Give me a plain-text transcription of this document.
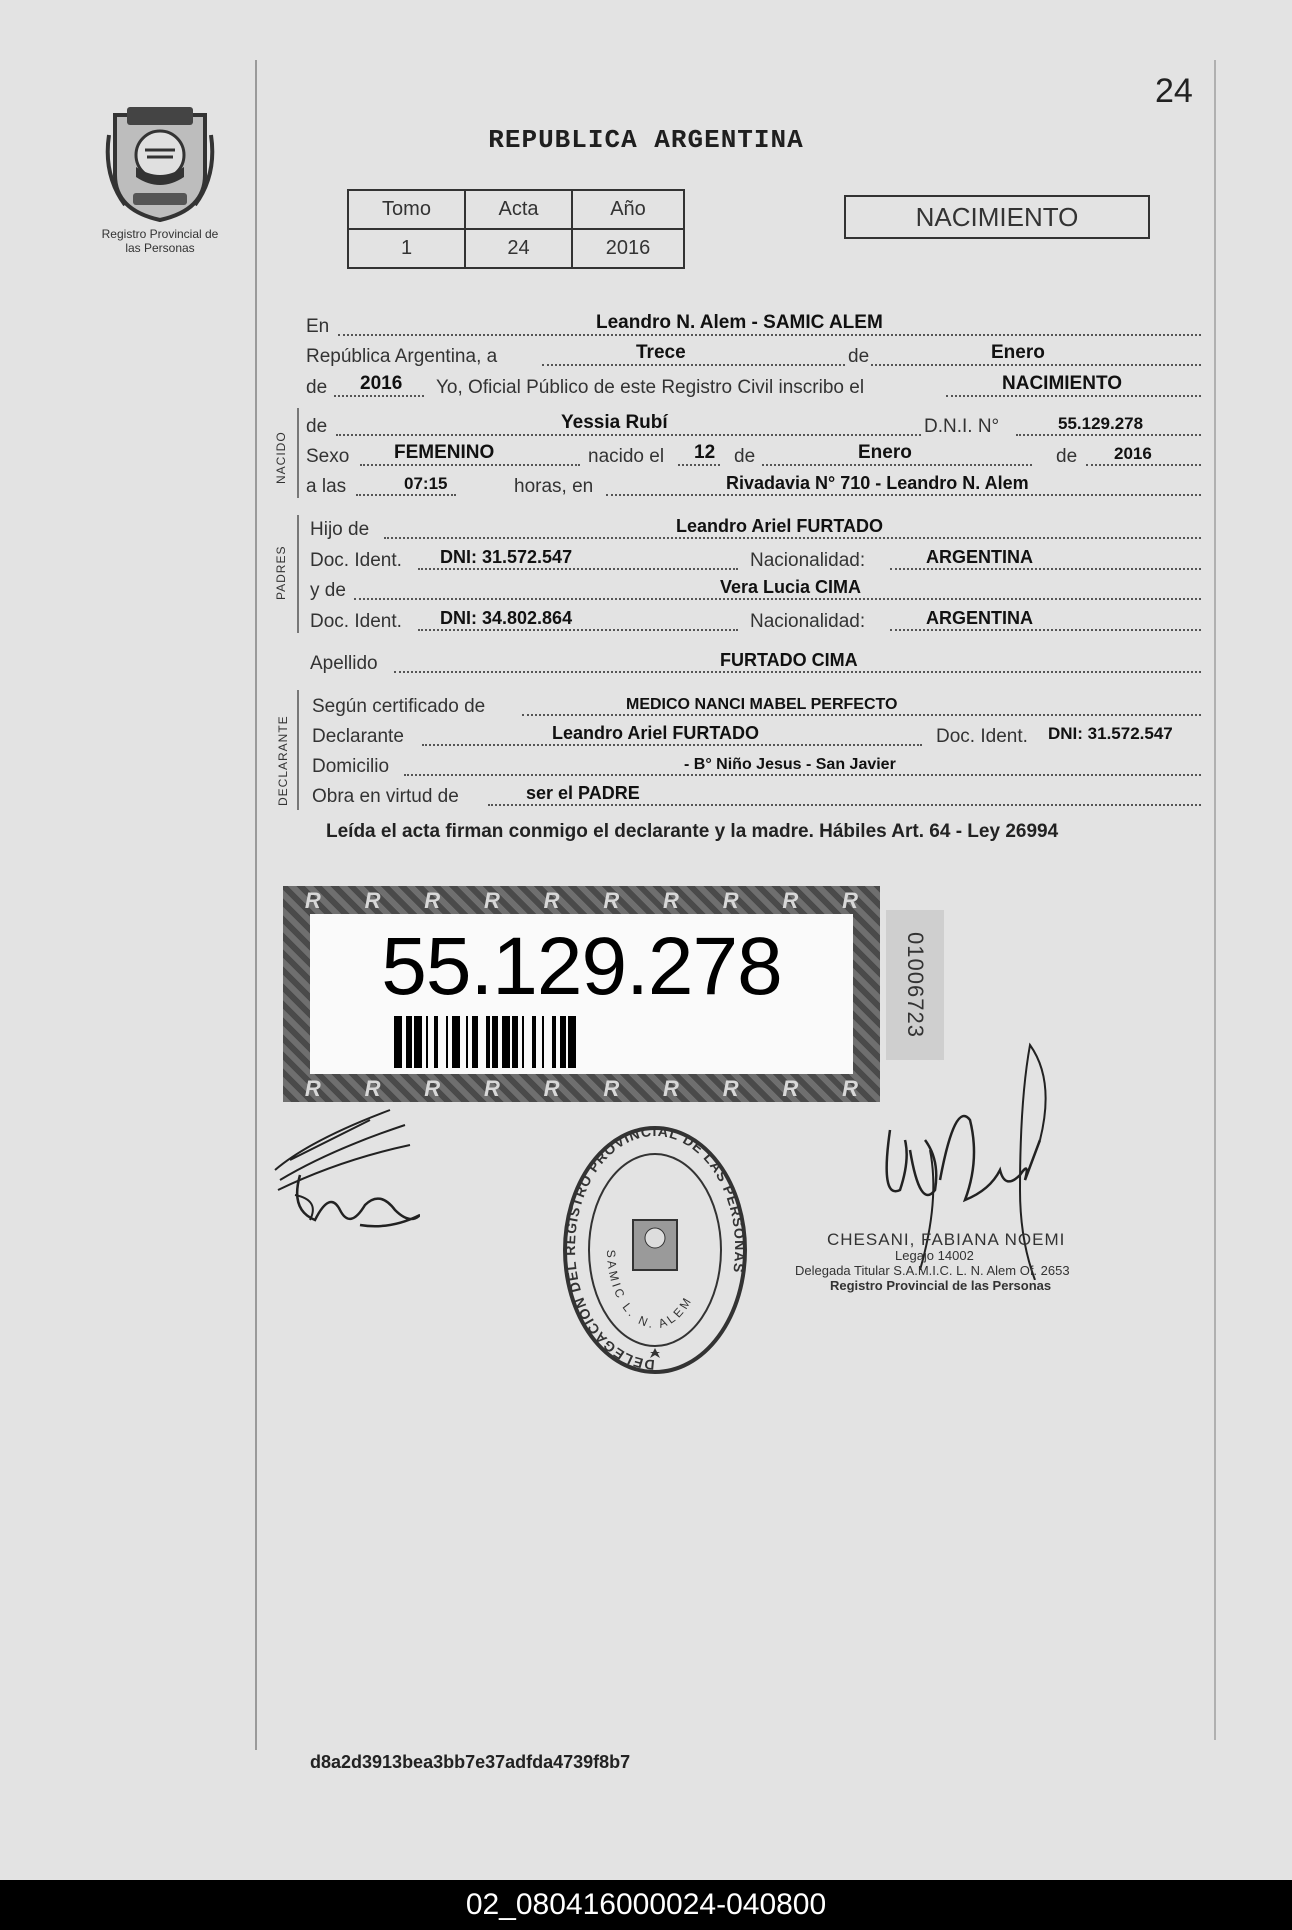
Registro Provincial de las Personas
24
REPUBLICA ARGENTINA
Tomo	Acta	Año
1	24	2016
NACIMIENTO
En	Leandro N. Alem - SAMIC ALEM
República Argentina, a	Trece	de	Enero
de 2016 Yo, Oficial Público de este Registro Civil inscribo el	NACIMIENTO
NACIDO
de	Yessia Rubí	D.N.I. N°	55.129.278
Sexo FEMENINO	nacido el 12 de	Enero	de 2016
a las	07:15	horas, en	Rivadavia N° 710 - Leandro N. Alem
PADRES
Hijo de	Leandro Ariel FURTADO
Doc. Ident. DNI: 31.572.547	Nacionalidad:	ARGENTINA
y de	Vera Lucia CIMA
Doc. Ident. DNI: 34.802.864	Nacionalidad:	ARGENTINA
Apellido	FURTADO CIMA
DECLARANTE
Según certificado de	MEDICO NANCI MABEL PERFECTO
Declarante	Leandro Ariel FURTADO	Doc. Ident. DNI: 31.572.547
Domicilio	- B° Niño Jesus - San Javier
Obra en virtud de	ser el PADRE
Leída el acta firman conmigo el declarante y la madre. Hábiles Art. 64 - Ley 26994
R R R R R R R R R R
R R R R R R R R R R
55.129.278	01006723
DELEGACION DEL REGISTRO PROVINCIAL DE LAS PERSONAS
SAMIC L. N. ALEM
CHESANI, FABIANA NOEMI
Legajo 14002
Delegada Titular S.A.M.I.C. L. N. Alem Of. 2653
Registro Provincial de las Personas
d8a2d3913bea3bb7e37adfda4739f8b7
02_080416000024-040800
